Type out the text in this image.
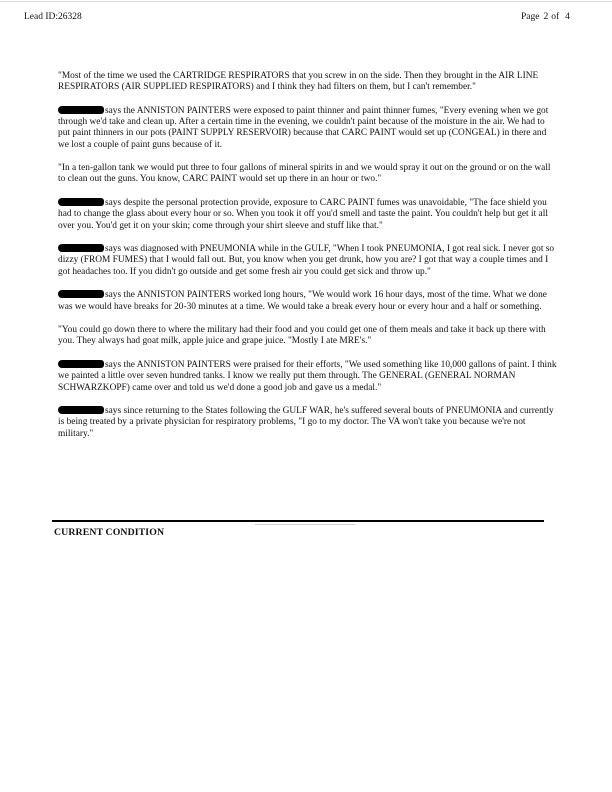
Lead ID:26328	Page 2 of 4

"Most of the time we used the CARTRIDGE RESPIRATORS that you screw in on the side. Then they brought in the AIR LINE RESPIRATORS (AIR SUPPLIED RESPIRATORS) and I think they had filters on them, but I can't remember."

says the ANNISTON PAINTERS were exposed to paint thinner and paint thinner fumes, "Every evening when we got through we'd take and clean up. After a certain time in the evening, we couldn't paint because of the moisture in the air. We had to put paint thinners in our pots (PAINT SUPPLY RESERVOIR) because that CARC PAINT would set up (CONGEAL) in there and we lost a couple of paint guns because of it.

"In a ten-gallon tank we would put three to four gallons of mineral spirits in and we would spray it out on the ground or on the wall to clean out the guns. You know, CARC PAINT would set up there in an hour or two."

says despite the personal protection provide, exposure to CARC PAINT fumes was unavoidable, "The face shield you had to change the glass about every hour or so. When you took it off you'd smell and taste the paint. You couldn't help but get it all over you. You'd get it on your skin; come through your shirt sleeve and stuff like that."

says was diagnosed with PNEUMONIA while in the GULF, "When I took PNEUMONIA, I got real sick. I never got so dizzy (FROM FUMES) that I would fall out. But, you know when you get drunk, how you are? I got that way a couple times and I got headaches too. If you didn't go outside and get some fresh air you could get sick and throw up."

says the ANNISTON PAINTERS worked long hours, "We would work 16 hour days, most of the time. What we done was we would have breaks for 20-30 minutes at a time. We would take a break every hour or every hour and a half or something.

"You could go down there to where the military had their food and you could get one of them meals and take it back up there with you. They always had goat milk, apple juice and grape juice. "Mostly I ate MRE's."

says the ANNISTON PAINTERS were praised for their efforts, "We used something like 10,000 gallons of paint. I think we painted a little over seven hundred tanks. I know we really put them through. The GENERAL (GENERAL NORMAN SCHWARZKOPF) came over and told us we'd done a good job and gave us a medal."

says since returning to the States following the GULF WAR, he's suffered several bouts of PNEUMONIA and currently is being treated by a private physician for respiratory problems, "I go to my doctor. The VA won't take you because we're not military."

CURRENT CONDITION
